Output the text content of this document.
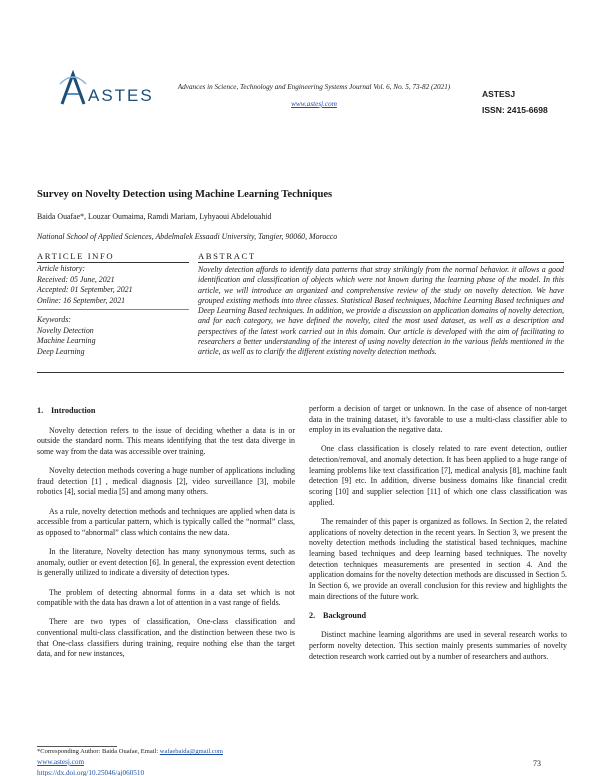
ASTES	Advances in Science, Technology and Engineering Systems Journal Vol. 6, No. 5, 73-82 (2021)
www.astesj.com
ASTESJ
ISSN: 2415-6698
Survey on Novelty Detection using Machine Learning Techniques
Baida Ouafae*, Louzar Oumaima, Ramdi Mariam, Lyhyaoui Abdelouahid
National School of Applied Sciences, Abdelmalek Essaadi University, Tangier, 90060, Morocco
ARTICLE INFO	ABSTRACT
Article history:
Received: 05 June, 2021
Accepted: 01 September, 2021
Online: 16 September, 2021
Keywords:
Novelty Detection
Machine Learning
Deep Learning
Novelty detection affords to identify data patterns that stray strikingly from the normal behavior. it allows a good identification and classification of objects which were not known during the learning phase of the model. In this article, we will introduce an organized and comprehensive review of the study on novelty detection. We have grouped existing methods into three classes. Statistical Based techniques, Machine Learning Based techniques and Deep Learning Based techniques. In addition, we provide a discussion on application domains of novelty detection, and for each category, we have defined the novelty, cited the most used dataset, as well as a description and perspectives of the latest work carried out in this domain. Our article is developed with the aim of facilitating to researchers a better understanding of the interest of using novelty detection in the various fields mentioned in the article, as well as to clarify the different existing novelty detection methods.
1. Introduction

Novelty detection refers to the issue of deciding whether a data is in or outside the standard norm. This means identifying that the test data diverge in some way from the data was accessible over training.

Novelty detection methods covering a huge number of applications including fraud detection [1] , medical diagnosis [2], video surveillance [3], mobile robotics [4], social media [5] and among many others.

As a rule, novelty detection methods and techniques are applied when data is accessible from a particular pattern, which is typically called the “normal” class, as opposed to “abnormal” class which contains the new data.

In the literature, Novelty detection has many synonymous terms, such as anomaly, outlier or event detection [6]. In general, the expression event detection is generally utilized to indicate a diversity of detection types.

The problem of detecting abnormal forms in a data set which is not compatible with the data has drawn a lot of attention in a vast range of fields.

There are two types of classification, One-class classification and conventional multi-class classification, and the distinction between these two is that One-class classifiers during training, require nothing else than the target data, and for new instances,

perform a decision of target or unknown. In the case of absence of non-target data in the training dataset, it’s favorable to use a multi-class classifier able to employ in its evaluation the negative data.

One class classification is closely related to rare event detection, outlier detection/removal, and anomaly detection. It has been applied to a huge range of learning problems like text classification [7], medical analysis [8], machine fault detection [9] etc. In addition, diverse business domains like financial credit scoring [10] and supplier selection [11] of which one class classification was applied.

The remainder of this paper is organized as follows. In Section 2, the related applications of novelty detection in the recent years. In Section 3, we present the novelty detection methods including the statistical based techniques, machine learning based techniques and deep learning based techniques. The novelty detection techniques measurements are presented in section 4. And the application domains for the novelty detection methods are discussed in Section 5. In Section 6, we provide an overall conclusion for this review and highlights the main directions of the future work.

2. Background

Distinct machine learning algorithms are used in several research works to perform novelty detection. This section mainly presents summaries of novelty detection research work carried out by a number of researchers and authors.

*Corresponding Author: Baida Ouafae, Email: wafaebaida@gmail.com
www.astesj.com
https://dx.doi.org/10.25046/aj060510
73
